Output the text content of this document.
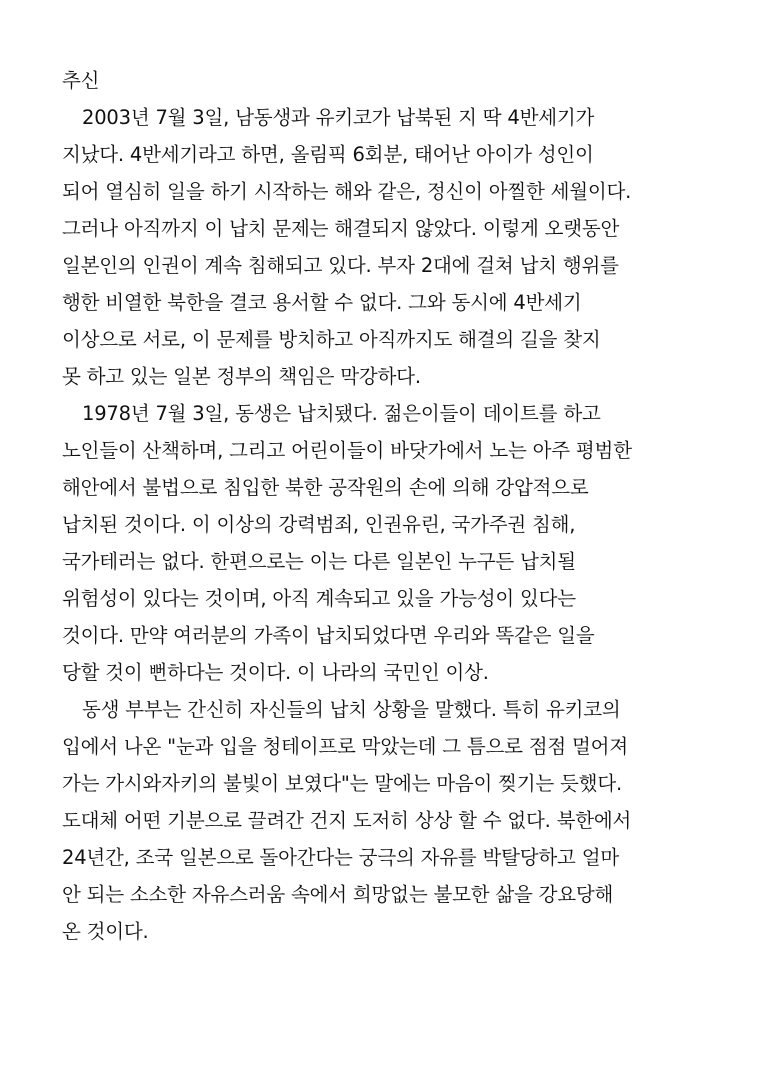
추신
2003년 7월 3일, 남동생과 유키코가 납북된 지 딱 4반세기가
지났다. 4반세기라고 하면, 올림픽 6회분, 태어난 아이가 성인이
되어 열심히 일을 하기 시작하는 해와 같은, 정신이 아찔한 세월이다.
그러나 아직까지 이 납치 문제는 해결되지 않았다. 이렇게 오랫동안
일본인의 인권이 계속 침해되고 있다. 부자 2대에 걸쳐 납치 행위를
행한 비열한 북한을 결코 용서할 수 없다. 그와 동시에 4반세기
이상으로 서로, 이 문제를 방치하고 아직까지도 해결의 길을 찾지
못 하고 있는 일본 정부의 책임은 막강하다.
1978년 7월 3일, 동생은 납치됐다. 젊은이들이 데이트를 하고
노인들이 산책하며, 그리고 어린이들이 바닷가에서 노는 아주 평범한
해안에서 불법으로 침입한 북한 공작원의 손에 의해 강압적으로
납치된 것이다. 이 이상의 강력범죄, 인권유린, 국가주권 침해,
국가테러는 없다. 한편으로는 이는 다른 일본인 누구든 납치될
위험성이 있다는 것이며, 아직 계속되고 있을 가능성이 있다는
것이다. 만약 여러분의 가족이 납치되었다면 우리와 똑같은 일을
당할 것이 뻔하다는 것이다. 이 나라의 국민인 이상.
동생 부부는 간신히 자신들의 납치 상황을 말했다. 특히 유키코의
입에서 나온 "눈과 입을 청테이프로 막았는데 그 틈으로 점점 멀어져
가는 가시와자키의 불빛이 보였다"는 말에는 마음이 찢기는 듯했다.
도대체 어떤 기분으로 끌려간 건지 도저히 상상 할 수 없다. 북한에서
24년간, 조국 일본으로 돌아간다는 궁극의 자유를 박탈당하고 얼마
안 되는 소소한 자유스러움 속에서 희망없는 불모한 삶을 강요당해
온 것이다.
